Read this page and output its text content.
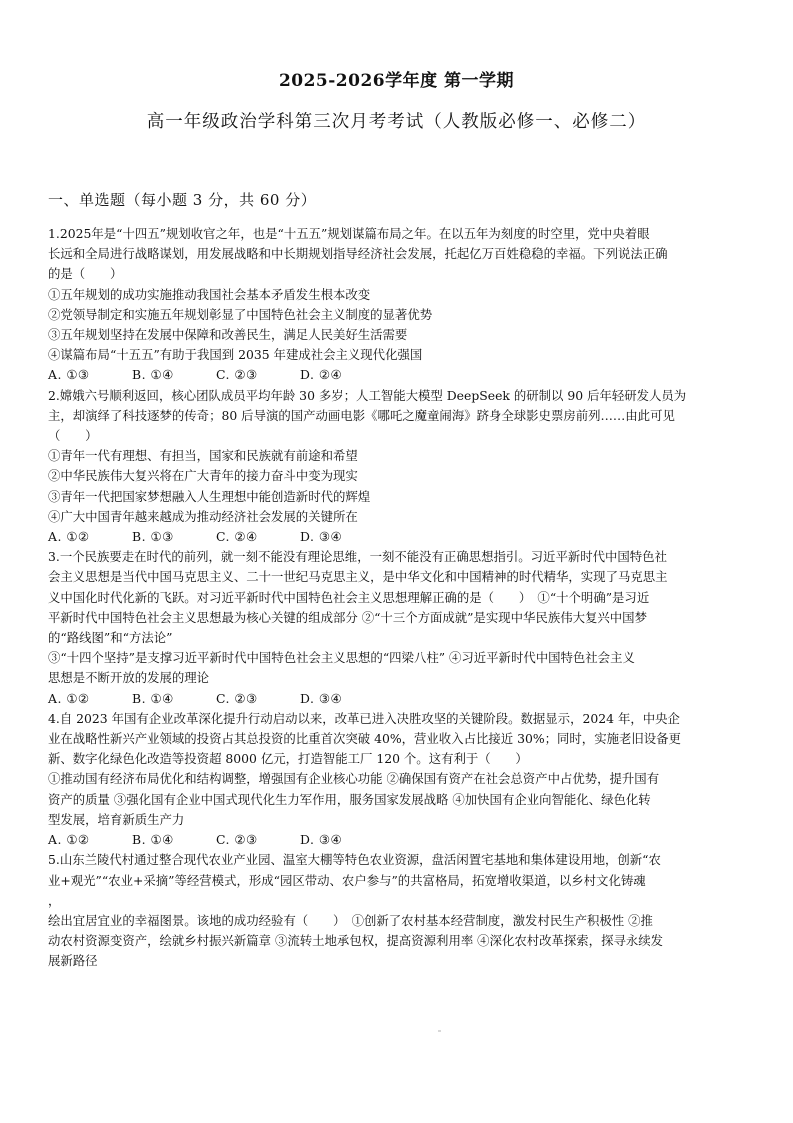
2025-2026学年度 第一学期
高一年级政治学科第三次月考考试（人教版必修一、必修二）
一、单选题（每小题 3 分，共 60 分）

1.2025年是“十四五”规划收官之年，也是“十五五”规划谋篇布局之年。在以五年为刻度的时空里，党中央着眼

长远和全局进行战略谋划，用发展战略和中长期规划指导经济社会发展，托起亿万百姓稳稳的幸福。下列说法正确

的是（　　）

①五年规划的成功实施推动我国社会基本矛盾发生根本改变

②党领导制定和实施五年规划彰显了中国特色社会主义制度的显著优势

③五年规划坚持在发展中保障和改善民生，满足人民美好生活需要

④谋篇布局“十五五”有助于我国到 2035 年建成社会主义现代化强国

A. ①③	B. ①④	C. ②③	D. ②④

2.嫦娥六号顺利返回，核心团队成员平均年龄 30 多岁；人工智能大模型 DeepSeek 的研制以 90 后年轻研发人员为

主，却演绎了科技逐梦的传奇；80 后导演的国产动画电影《哪吒之魔童闹海》跻身全球影史票房前列……由此可见

（　　）

①青年一代有理想、有担当，国家和民族就有前途和希望

②中华民族伟大复兴将在广大青年的接力奋斗中变为现实

③青年一代把国家梦想融入人生理想中能创造新时代的辉煌

④广大中国青年越来越成为推动经济社会发展的关键所在

A. ①②	B. ①③	C. ②④	D. ③④

3.一个民族要走在时代的前列，就一刻不能没有理论思维，一刻不能没有正确思想指引。习近平新时代中国特色社

会主义思想是当代中国马克思主义、二十一世纪马克思主义，是中华文化和中国精神的时代精华，实现了马克思主

义中国化时代化新的飞跃。对习近平新时代中国特色社会主义思想理解正确的是（　　）　①“十个明确”是习近

平新时代中国特色社会主义思想最为核心关键的组成部分 ②“十三个方面成就”是实现中华民族伟大复兴中国梦

的“路线图”和“方法论”

③“十四个坚持”是支撑习近平新时代中国特色社会主义思想的“四梁八柱” ④习近平新时代中国特色社会主义

思想是不断开放的发展的理论

A. ①②	B. ①④	C. ②③	D. ③④

4.自 2023 年国有企业改革深化提升行动启动以来，改革已进入决胜攻坚的关键阶段。数据显示，2024 年，中央企

业在战略性新兴产业领域的投资占其总投资的比重首次突破 40%，营业收入占比接近 30%；同时，实施老旧设备更

新、数字化绿色化改造等投资超 8000 亿元，打造智能工厂 120 个。这有利于（　　）

①推动国有经济布局优化和结构调整，增强国有企业核心功能 ②确保国有资产在社会总资产中占优势，提升国有

资产的质量 ③强化国有企业中国式现代化生力军作用，服务国家发展战略 ④加快国有企业向智能化、绿色化转

型发展，培育新质生产力

A. ①②	B. ①④	C. ②③	D. ③④

5.山东兰陵代村通过整合现代农业产业园、温室大棚等特色农业资源，盘活闲置宅基地和集体建设用地，创新“农

业+观光”“农业+采摘”等经营模式，形成“园区带动、农户参与”的共富格局，拓宽增收渠道，以乡村文化铸魂

，

绘出宜居宜业的幸福图景。该地的成功经验有（　　）　①创新了农村基本经营制度，激发村民生产积极性 ②推

动农村资源变资产，绘就乡村振兴新篇章 ③流转土地承包权，提高资源利用率 ④深化农村改革探索，探寻永续发

展新路径
